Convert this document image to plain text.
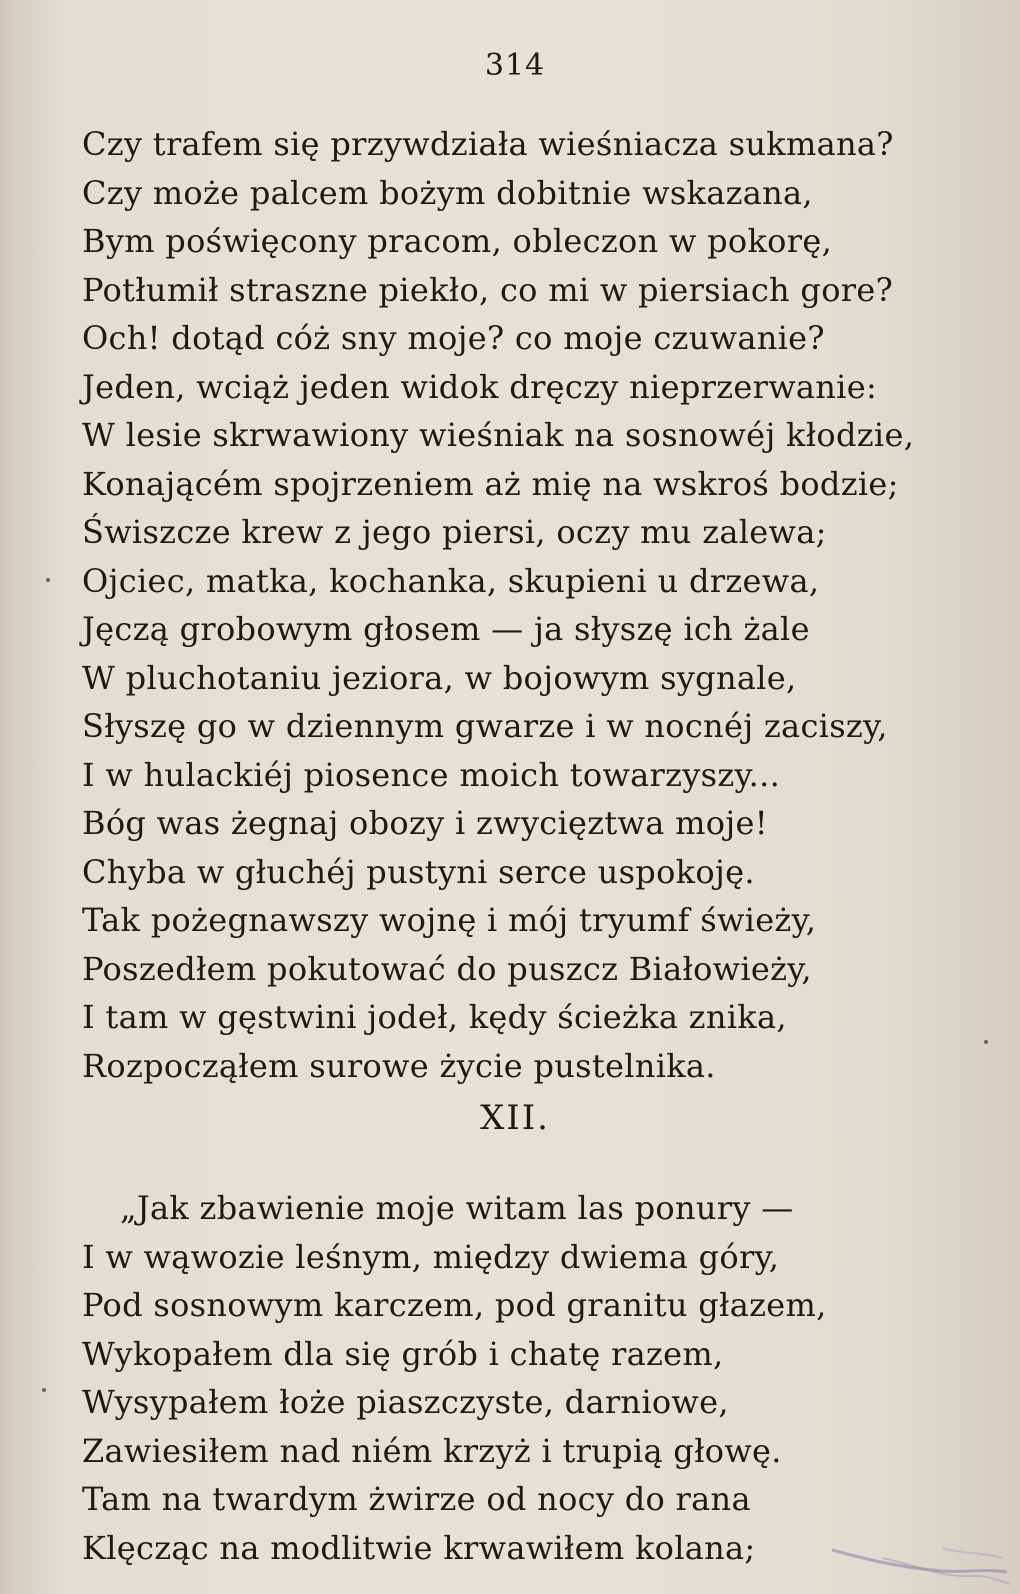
314
Czy trafem się przywdziała wieśniacza sukmana?
Czy może palcem bożym dobitnie wskazana,
Bym poświęcony pracom, obleczon w pokorę,
Potłumił straszne piekło, co mi w piersiach gore?
Och! dotąd cóż sny moje? co moje czuwanie?
Jeden, wciąż jeden widok dręczy nieprzerwanie:
W lesie skrwawiony wieśniak na sosnowéj kłodzie,
Konającém spojrzeniem aż mię na wskroś bodzie;
Świszcze krew z jego piersi, oczy mu zalewa;
Ojciec, matka, kochanka, skupieni u drzewa,
Jęczą grobowym głosem — ja słyszę ich żale
W pluchotaniu jeziora, w bojowym sygnale,
Słyszę go w dziennym gwarze i w nocnéj zaciszy,
I w hulackiéj piosence moich towarzyszy...
Bóg was żegnaj obozy i zwycięztwa moje!
Chyba w głuchéj pustyni serce uspokoję.
Tak pożegnawszy wojnę i mój tryumf świeży,
Poszedłem pokutować do puszcz Białowieży,
I tam w gęstwini jodeł, kędy ścieżka znika,
Rozpocząłem surowe życie pustelnika.
XII.
„Jak zbawienie moje witam las ponury —
I w wąwozie leśnym, między dwiema góry,
Pod sosnowym karczem, pod granitu głazem,
Wykopałem dla się grób i chatę razem,
Wysypałem łoże piaszczyste, darniowe,
Zawiesiłem nad niém krzyż i trupią głowę.
Tam na twardym żwirze od nocy do rana
Klęcząc na modlitwie krwawiłem kolana;
